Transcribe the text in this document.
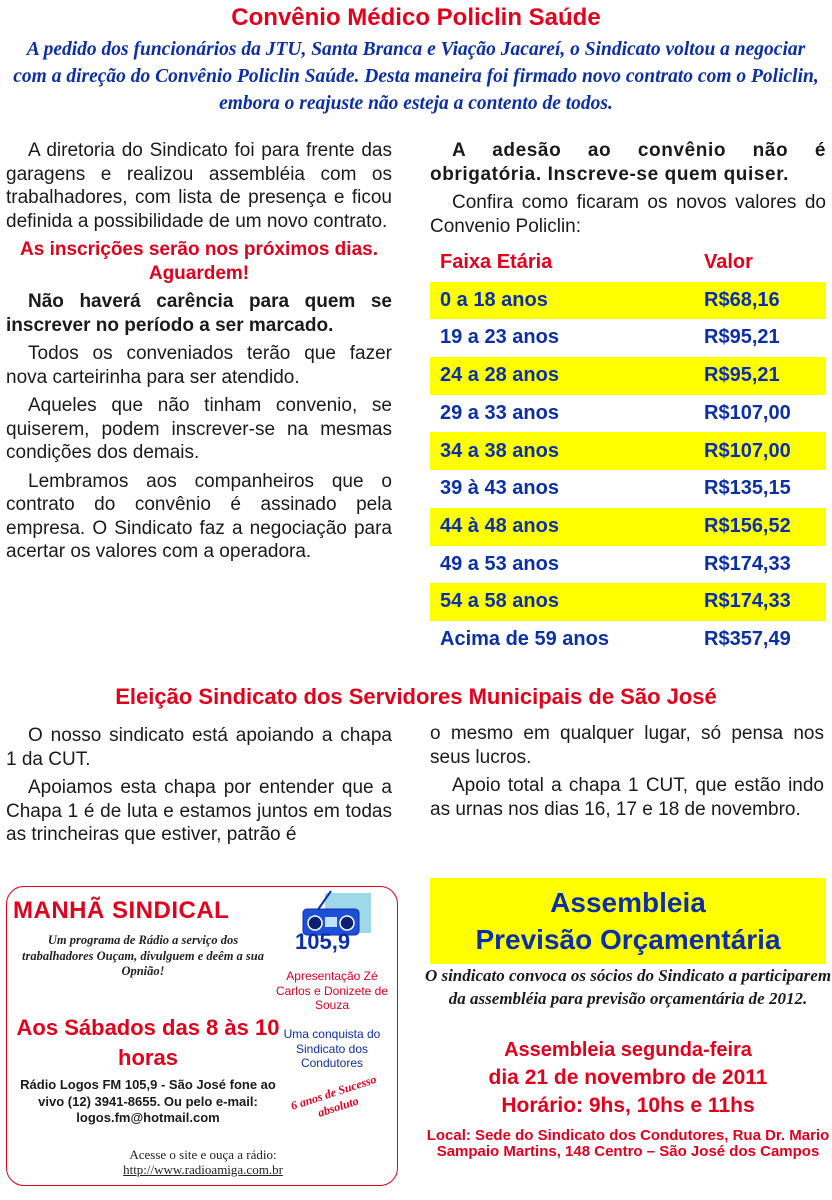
Convênio Médico Policlin Saúde
A pedido dos funcionários da JTU, Santa Branca e Viação Jacareí, o Sindicato voltou a negociar com a direção do Convênio Policlin Saúde. Desta maneira foi firmado novo contrato com o Policlin, embora o reajuste não esteja a contento de todos.

A diretoria do Sindicato foi para frente das garagens e realizou assembléia com os trabalhadores, com lista de presença e ficou definida a possibilidade de um novo contrato.

As inscrições serão nos próximos dias. Aguardem!

Não haverá carência para quem se inscrever no período a ser marcado.

Todos os conveniados terão que fazer nova carteirinha para ser atendido.

Aqueles que não tinham convenio, se quiserem, podem inscrever-se na mesmas condições dos demais.

Lembramos aos companheiros que o contrato do convênio é assinado pela empresa. O Sindicato faz a negociação para acertar os valores com a operadora.

A adesão ao convênio não é obrigatória. Inscreve-se quem quiser.

Confira como ficaram os novos valores do Convenio Policlin:

Faixa Etária	Valor
0 a 18 anos	R$68,16
19 a 23 anos	R$95,21
24 a 28 anos	R$95,21
29 a 33 anos	R$107,00
34 a 38 anos	R$107,00
39 à 43 anos	R$135,15
44 à 48 anos	R$156,52
49 a 53 anos	R$174,33
54 a 58 anos	R$174,33
Acima de 59 anos	R$357,49
Eleição Sindicato dos Servidores Municipais de São José

O nosso sindicato está apoiando a chapa 1 da CUT.

Apoiamos esta chapa por entender que a Chapa 1 é de luta e estamos juntos em todas as trincheiras que estiver, patrão é

o mesmo em qualquer lugar, só pensa nos seus lucros.

Apoio total a chapa 1 CUT, que estão indo as urnas nos dias 16, 17 e 18 de novembro.

MANHÃ SINDICAL
105,9
Um programa de Rádio a serviço dos trabalhadores Ouçam, divulguem e deêm a sua Opnião!
Aos Sábados das 8 às 10 horas
Rádio Logos FM 105,9 - São José fone ao vivo (12) 3941-8655. Ou pelo e-mail: logos.fm@hotmail.com
Apresentação Zé Carlos e Donizete de Souza
Uma conquista do Sindicato dos Condutores
6 anos de Sucesso absoluto
Acesse o site e ouça a rádio:
http://www.radioamiga.com.br
Assembleia
Previsão Orçamentária
O sindicato convoca os sócios do Sindicato a participarem da assembléia para previsão orçamentária de 2012.
Assembleia segunda-feira
dia 21 de novembro de 2011
Horário: 9hs, 10hs e 11hs
Local: Sede do Sindicato dos Condutores, Rua Dr. Mario Sampaio Martins, 148 Centro – São José dos Campos
